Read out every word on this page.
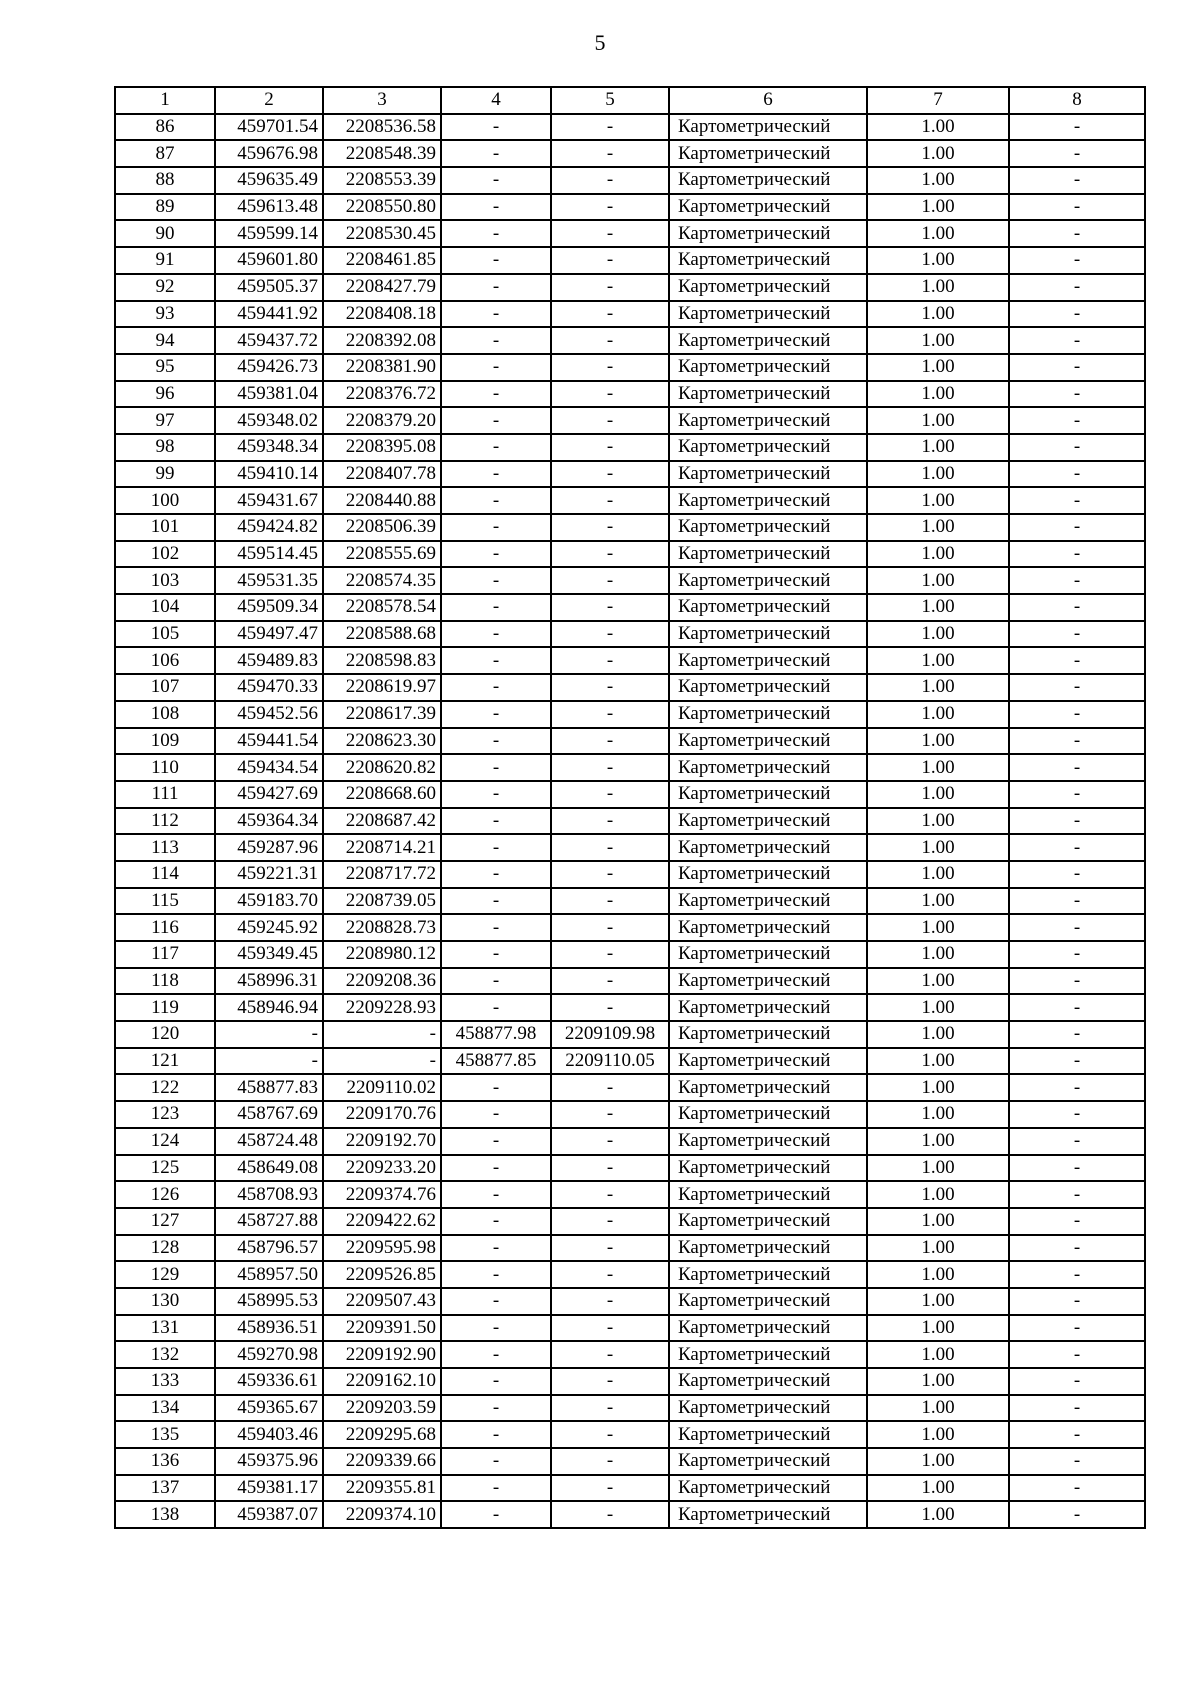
5
1	2	3	4	5	6	7	8
86	459701.54	2208536.58	-	-	Картометрический	1.00	-
87	459676.98	2208548.39	-	-	Картометрический	1.00	-
88	459635.49	2208553.39	-	-	Картометрический	1.00	-
89	459613.48	2208550.80	-	-	Картометрический	1.00	-
90	459599.14	2208530.45	-	-	Картометрический	1.00	-
91	459601.80	2208461.85	-	-	Картометрический	1.00	-
92	459505.37	2208427.79	-	-	Картометрический	1.00	-
93	459441.92	2208408.18	-	-	Картометрический	1.00	-
94	459437.72	2208392.08	-	-	Картометрический	1.00	-
95	459426.73	2208381.90	-	-	Картометрический	1.00	-
96	459381.04	2208376.72	-	-	Картометрический	1.00	-
97	459348.02	2208379.20	-	-	Картометрический	1.00	-
98	459348.34	2208395.08	-	-	Картометрический	1.00	-
99	459410.14	2208407.78	-	-	Картометрический	1.00	-
100	459431.67	2208440.88	-	-	Картометрический	1.00	-
101	459424.82	2208506.39	-	-	Картометрический	1.00	-
102	459514.45	2208555.69	-	-	Картометрический	1.00	-
103	459531.35	2208574.35	-	-	Картометрический	1.00	-
104	459509.34	2208578.54	-	-	Картометрический	1.00	-
105	459497.47	2208588.68	-	-	Картометрический	1.00	-
106	459489.83	2208598.83	-	-	Картометрический	1.00	-
107	459470.33	2208619.97	-	-	Картометрический	1.00	-
108	459452.56	2208617.39	-	-	Картометрический	1.00	-
109	459441.54	2208623.30	-	-	Картометрический	1.00	-
110	459434.54	2208620.82	-	-	Картометрический	1.00	-
111	459427.69	2208668.60	-	-	Картометрический	1.00	-
112	459364.34	2208687.42	-	-	Картометрический	1.00	-
113	459287.96	2208714.21	-	-	Картометрический	1.00	-
114	459221.31	2208717.72	-	-	Картометрический	1.00	-
115	459183.70	2208739.05	-	-	Картометрический	1.00	-
116	459245.92	2208828.73	-	-	Картометрический	1.00	-
117	459349.45	2208980.12	-	-	Картометрический	1.00	-
118	458996.31	2209208.36	-	-	Картометрический	1.00	-
119	458946.94	2209228.93	-	-	Картометрический	1.00	-
120	-	-	458877.98	2209109.98	Картометрический	1.00	-
121	-	-	458877.85	2209110.05	Картометрический	1.00	-
122	458877.83	2209110.02	-	-	Картометрический	1.00	-
123	458767.69	2209170.76	-	-	Картометрический	1.00	-
124	458724.48	2209192.70	-	-	Картометрический	1.00	-
125	458649.08	2209233.20	-	-	Картометрический	1.00	-
126	458708.93	2209374.76	-	-	Картометрический	1.00	-
127	458727.88	2209422.62	-	-	Картометрический	1.00	-
128	458796.57	2209595.98	-	-	Картометрический	1.00	-
129	458957.50	2209526.85	-	-	Картометрический	1.00	-
130	458995.53	2209507.43	-	-	Картометрический	1.00	-
131	458936.51	2209391.50	-	-	Картометрический	1.00	-
132	459270.98	2209192.90	-	-	Картометрический	1.00	-
133	459336.61	2209162.10	-	-	Картометрический	1.00	-
134	459365.67	2209203.59	-	-	Картометрический	1.00	-
135	459403.46	2209295.68	-	-	Картометрический	1.00	-
136	459375.96	2209339.66	-	-	Картометрический	1.00	-
137	459381.17	2209355.81	-	-	Картометрический	1.00	-
138	459387.07	2209374.10	-	-	Картометрический	1.00	-
